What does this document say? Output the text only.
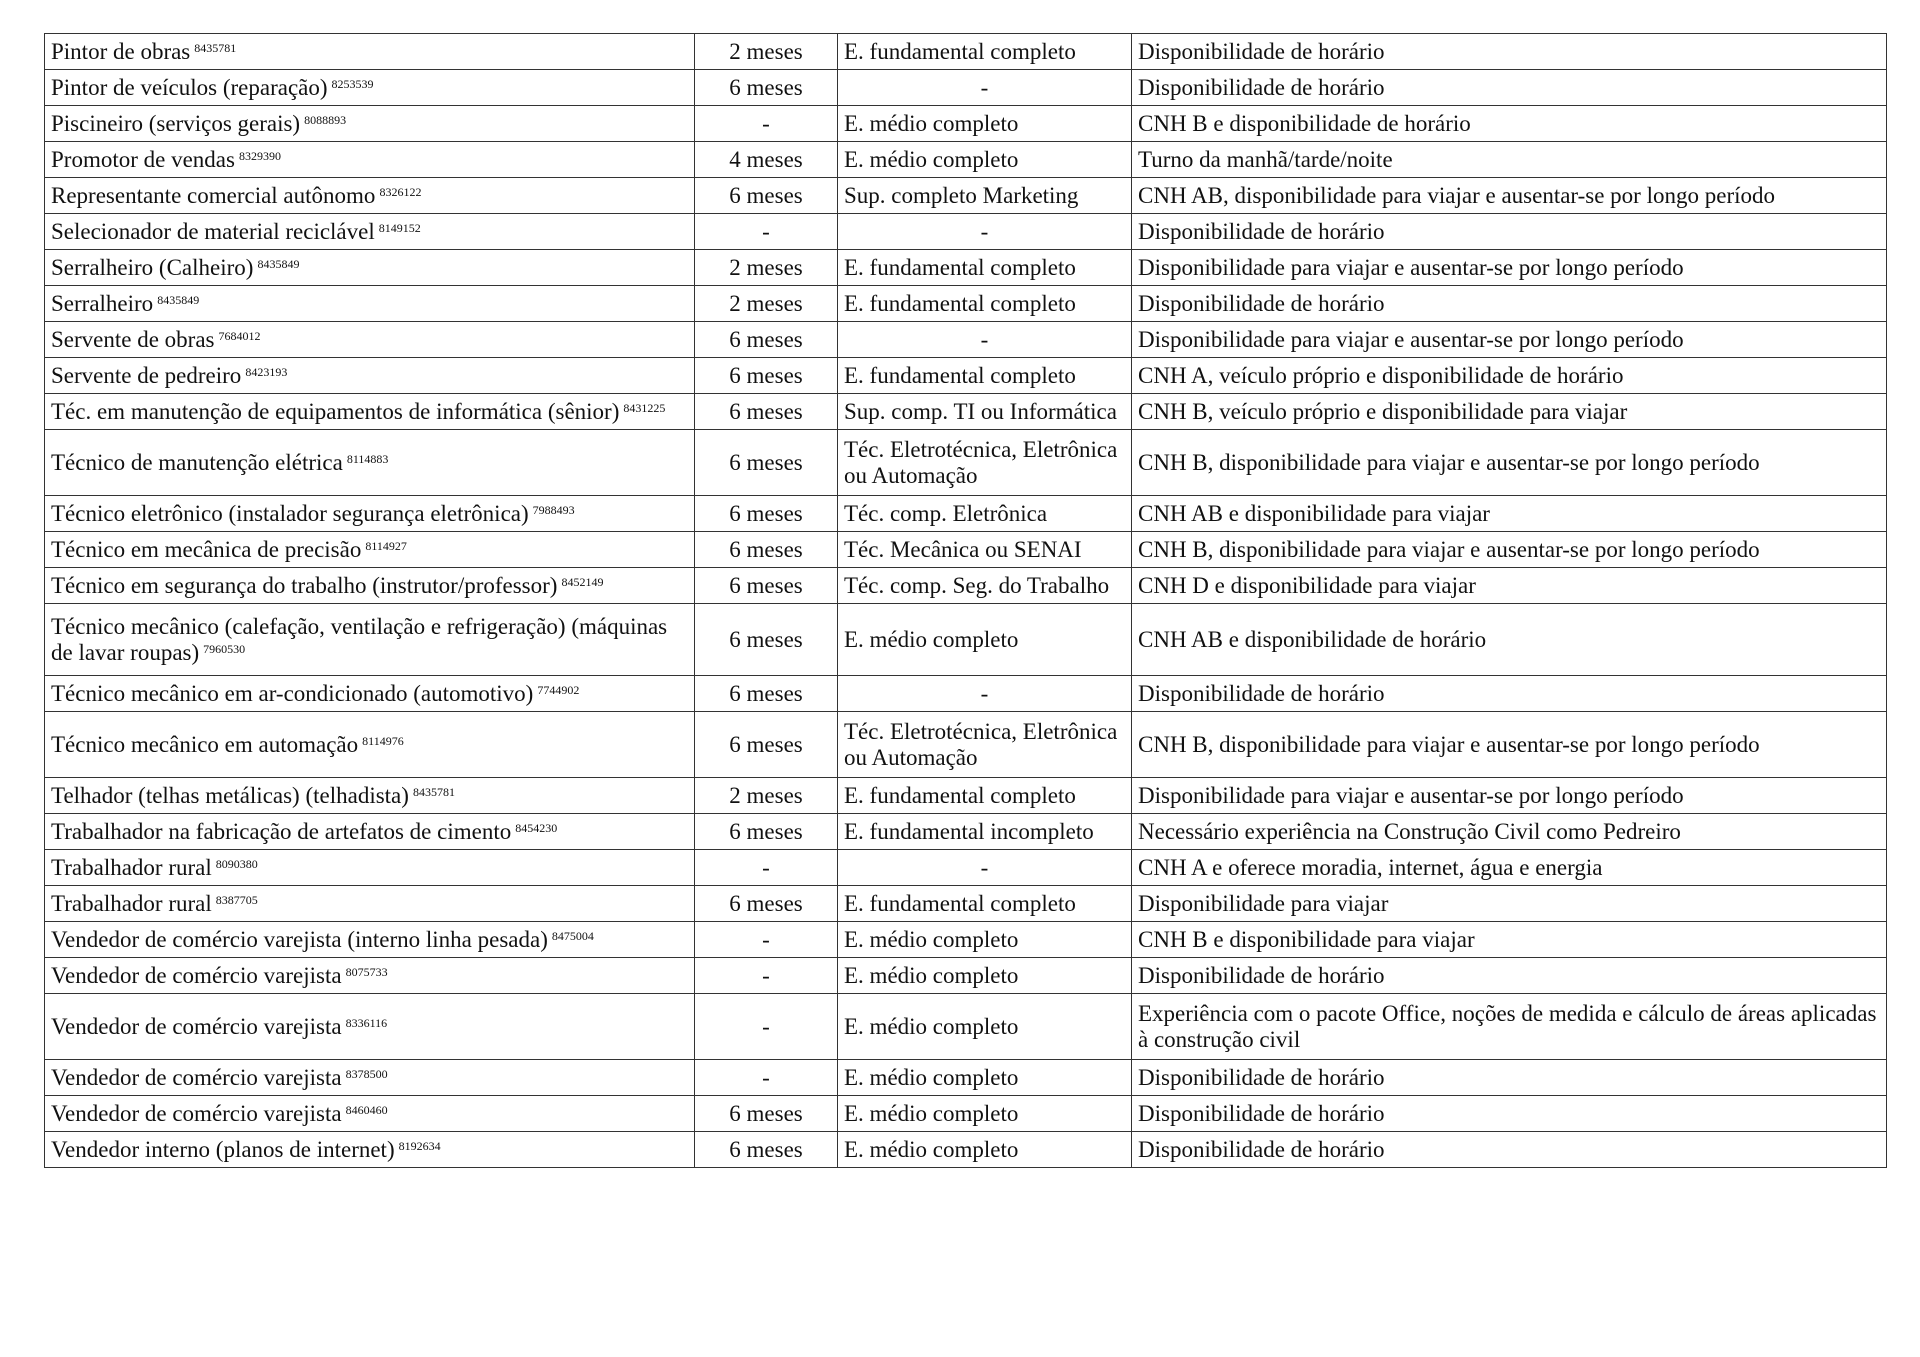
Pintor de obras $^{8435781}$	2 meses	E. fundamental completo	Disponibilidade de horário
Pintor de veículos (reparação) $^{8253539}$	6 meses	-	Disponibilidade de horário
Piscineiro (serviços gerais) $^{8088893}$	-	E. médio completo	CNH B e disponibilidade de horário
Promotor de vendas $^{8329390}$	4 meses	E. médio completo	Turno da manhã/tarde/noite
Representante comercial autônomo $^{8326122}$	6 meses	Sup. completo Marketing	CNH AB, disponibilidade para viajar e ausentar-se por longo período
Selecionador de material reciclável $^{8149152}$	-	-	Disponibilidade de horário
Serralheiro (Calheiro) $^{8435849}$	2 meses	E. fundamental completo	Disponibilidade para viajar e ausentar-se por longo período
Serralheiro $^{8435849}$	2 meses	E. fundamental completo	Disponibilidade de horário
Servente de obras $^{7684012}$	6 meses	-	Disponibilidade para viajar e ausentar-se por longo período
Servente de pedreiro $^{8423193}$	6 meses	E. fundamental completo	CNH A, veículo próprio e disponibilidade de horário
Téc. em manutenção de equipamentos de informática (sênior) $^{8431225}$	6 meses	Sup. comp. TI ou Informática	CNH B, veículo próprio e disponibilidade para viajar
Técnico de manutenção elétrica $^{8114883}$	6 meses	Téc. Eletrotécnica, Eletrônica ou Automação	CNH B, disponibilidade para viajar e ausentar-se por longo período
Técnico eletrônico (instalador segurança eletrônica) $^{7988493}$	6 meses	Téc. comp. Eletrônica	CNH AB e disponibilidade para viajar
Técnico em mecânica de precisão $^{8114927}$	6 meses	Téc. Mecânica ou SENAI	CNH B, disponibilidade para viajar e ausentar-se por longo período
Técnico em segurança do trabalho (instrutor/professor) $^{8452149}$	6 meses	Téc. comp. Seg. do Trabalho	CNH D e disponibilidade para viajar
Técnico mecânico (calefação, ventilação e refrigeração) (máquinas de lavar roupas) $^{7960530}$	6 meses	E. médio completo	CNH AB e disponibilidade de horário
Técnico mecânico em ar-condicionado (automotivo) $^{7744902}$	6 meses	-	Disponibilidade de horário
Técnico mecânico em automação $^{8114976}$	6 meses	Téc. Eletrotécnica, Eletrônica ou Automação	CNH B, disponibilidade para viajar e ausentar-se por longo período
Telhador (telhas metálicas) (telhadista) $^{8435781}$	2 meses	E. fundamental completo	Disponibilidade para viajar e ausentar-se por longo período
Trabalhador na fabricação de artefatos de cimento $^{8454230}$	6 meses	E. fundamental incompleto	Necessário experiência na Construção Civil como Pedreiro
Trabalhador rural $^{8090380}$	-	-	CNH A e oferece moradia, internet, água e energia
Trabalhador rural $^{8387705}$	6 meses	E. fundamental completo	Disponibilidade para viajar
Vendedor de comércio varejista (interno linha pesada) $^{8475004}$	-	E. médio completo	CNH B e disponibilidade para viajar
Vendedor de comércio varejista $^{8075733}$	-	E. médio completo	Disponibilidade de horário
Vendedor de comércio varejista $^{8336116}$	-	E. médio completo	Experiência com o pacote Office, noções de medida e cálculo de áreas aplicadas à construção civil
Vendedor de comércio varejista $^{8378500}$	-	E. médio completo	Disponibilidade de horário
Vendedor de comércio varejista $^{8460460}$	6 meses	E. médio completo	Disponibilidade de horário
Vendedor interno (planos de internet) $^{8192634}$	6 meses	E. médio completo	Disponibilidade de horário
